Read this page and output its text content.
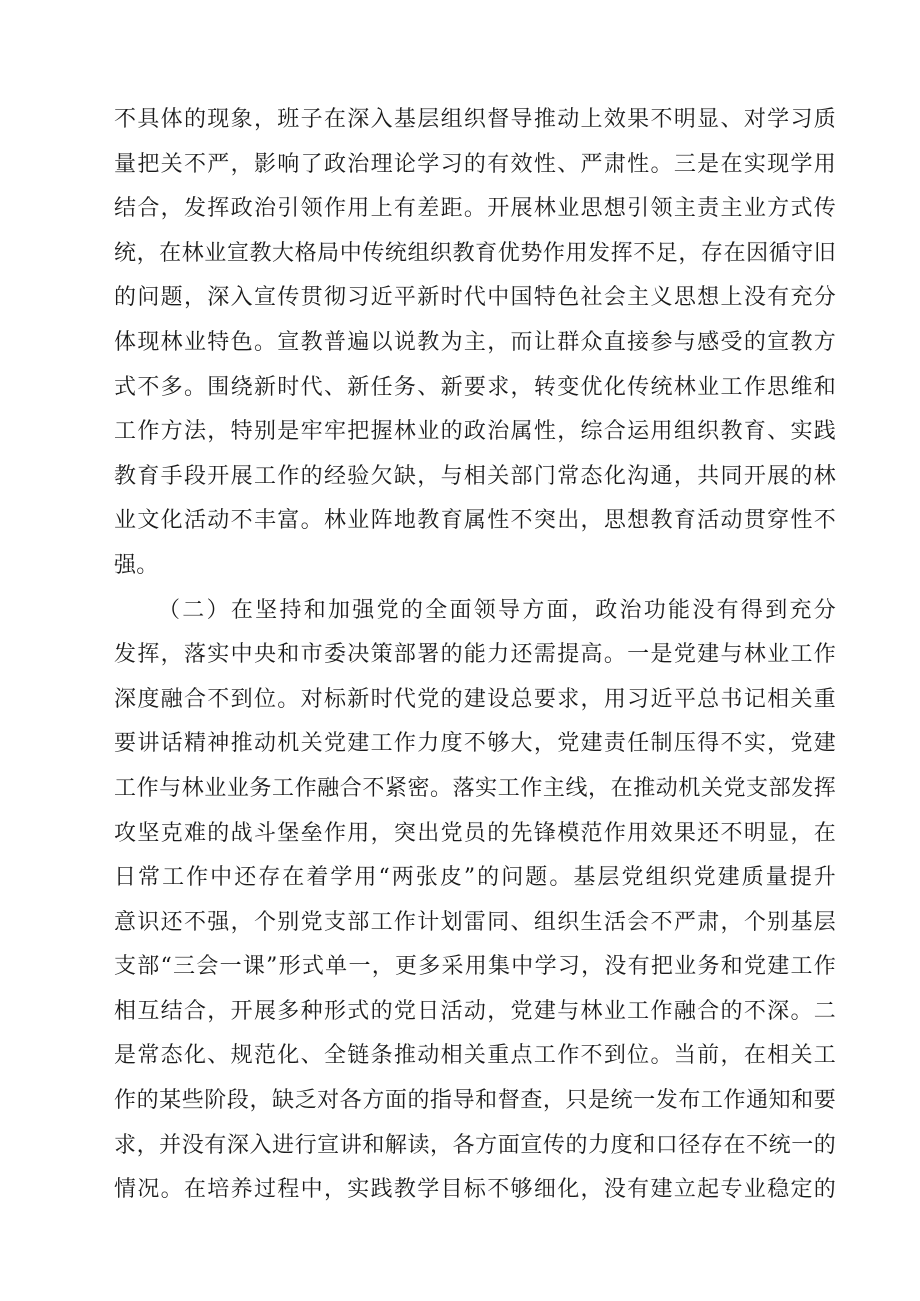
不具体的现象，班子在深入基层组织督导推动上效果不明显、对学习质
量把关不严，影响了政治理论学习的有效性、严肃性。三是在实现学用
结合，发挥政治引领作用上有差距。开展林业思想引领主责主业方式传
统，在林业宣教大格局中传统组织教育优势作用发挥不足，存在因循守旧
的问题，深入宣传贯彻习近平新时代中国特色社会主义思想上没有充分
体现林业特色。宣教普遍以说教为主，而让群众直接参与感受的宣教方
式不多。围绕新时代、新任务、新要求，转变优化传统林业工作思维和
工作方法，特别是牢牢把握林业的政治属性，综合运用组织教育、实践
教育手段开展工作的经验欠缺，与相关部门常态化沟通，共同开展的林
业文化活动不丰富。林业阵地教育属性不突出，思想教育活动贯穿性不
强。
（二）在坚持和加强党的全面领导方面，政治功能没有得到充分
发挥，落实中央和市委决策部署的能力还需提高。一是党建与林业工作
深度融合不到位。对标新时代党的建设总要求，用习近平总书记相关重
要讲话精神推动机关党建工作力度不够大，党建责任制压得不实，党建
工作与林业业务工作融合不紧密。落实工作主线，在推动机关党支部发挥
攻坚克难的战斗堡垒作用，突出党员的先锋模范作用效果还不明显，在
日常工作中还存在着学用“两张皮”的问题。基层党组织党建质量提升
意识还不强，个别党支部工作计划雷同、组织生活会不严肃，个别基层
支部“三会一课”形式单一，更多采用集中学习，没有把业务和党建工作
相互结合，开展多种形式的党日活动，党建与林业工作融合的不深。二
是常态化、规范化、全链条推动相关重点工作不到位。当前，在相关工
作的某些阶段，缺乏对各方面的指导和督查，只是统一发布工作通知和要
求，并没有深入进行宣讲和解读，各方面宣传的力度和口径存在不统一的
情况。在培养过程中，实践教学目标不够细化，没有建立起专业稳定的
